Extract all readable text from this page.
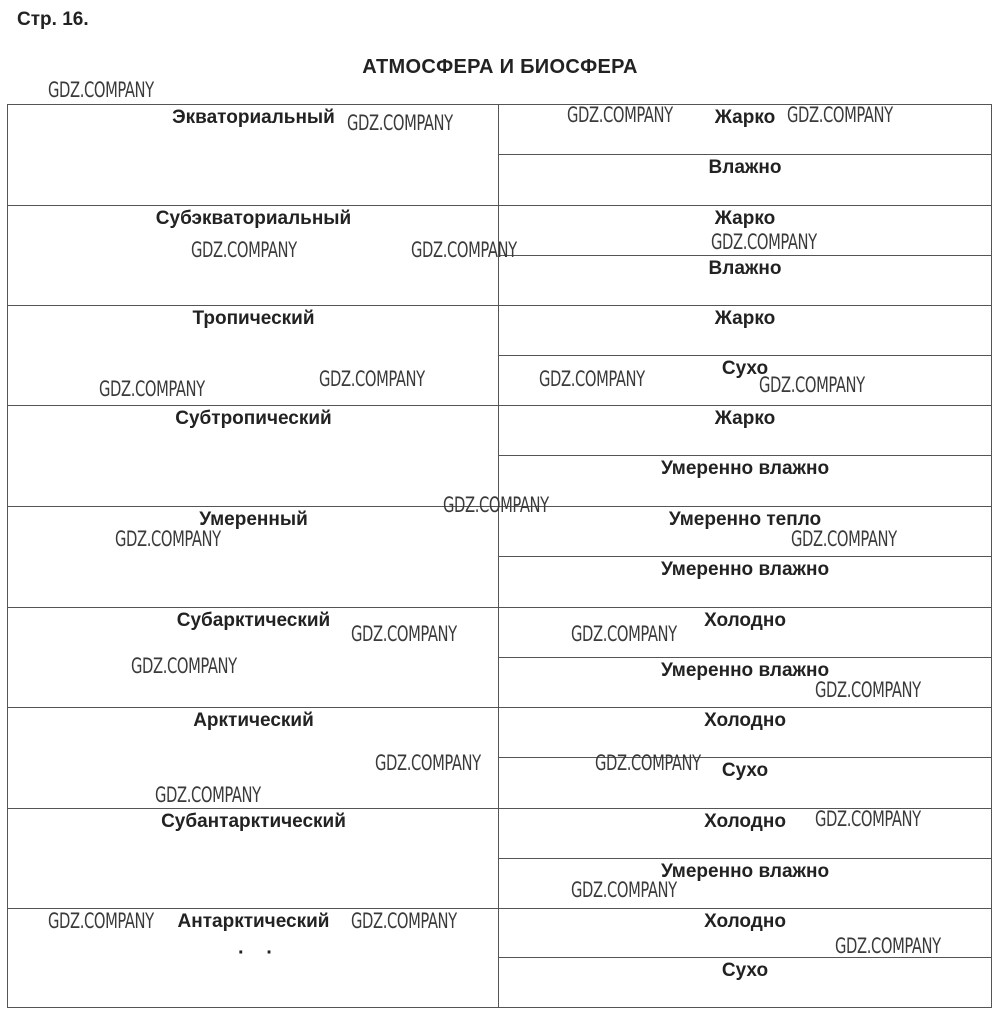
Стр. 16.
АТМОСФЕРА И БИОСФЕРА
Экваториальный	Жарко
Влажно
Субэкваториальный	Жарко
Влажно
Тропический	Жарко
Сухо
Субтропический	Жарко
Умеренно влажно
Умеренный	Умеренно тепло
Умеренно влажно
Субарктический	Холодно
Умеренно влажно
Арктический	Холодно
Сухо
Субантарктический	Холодно
Умеренно влажно
Антарктический	Холодно
Сухо
· ·
GDZ.COMPANY
GDZ.COMPANY	GDZ.COMPANY	GDZ.COMPANY
GDZ.COMPANY	GDZ.COMPANY	GDZ.COMPANY
GDZ.COMPANY	GDZ.COMPANY
GDZ.COMPANY	GDZ.COMPANY
GDZ.COMPANY
GDZ.COMPANY	GDZ.COMPANY
GDZ.COMPANY	GDZ.COMPANY
GDZ.COMPANY
GDZ.COMPANY
GDZ.COMPANY	GDZ.COMPANY
GDZ.COMPANY
GDZ.COMPANY
GDZ.COMPANY
GDZ.COMPANY	GDZ.COMPANY
GDZ.COMPANY
